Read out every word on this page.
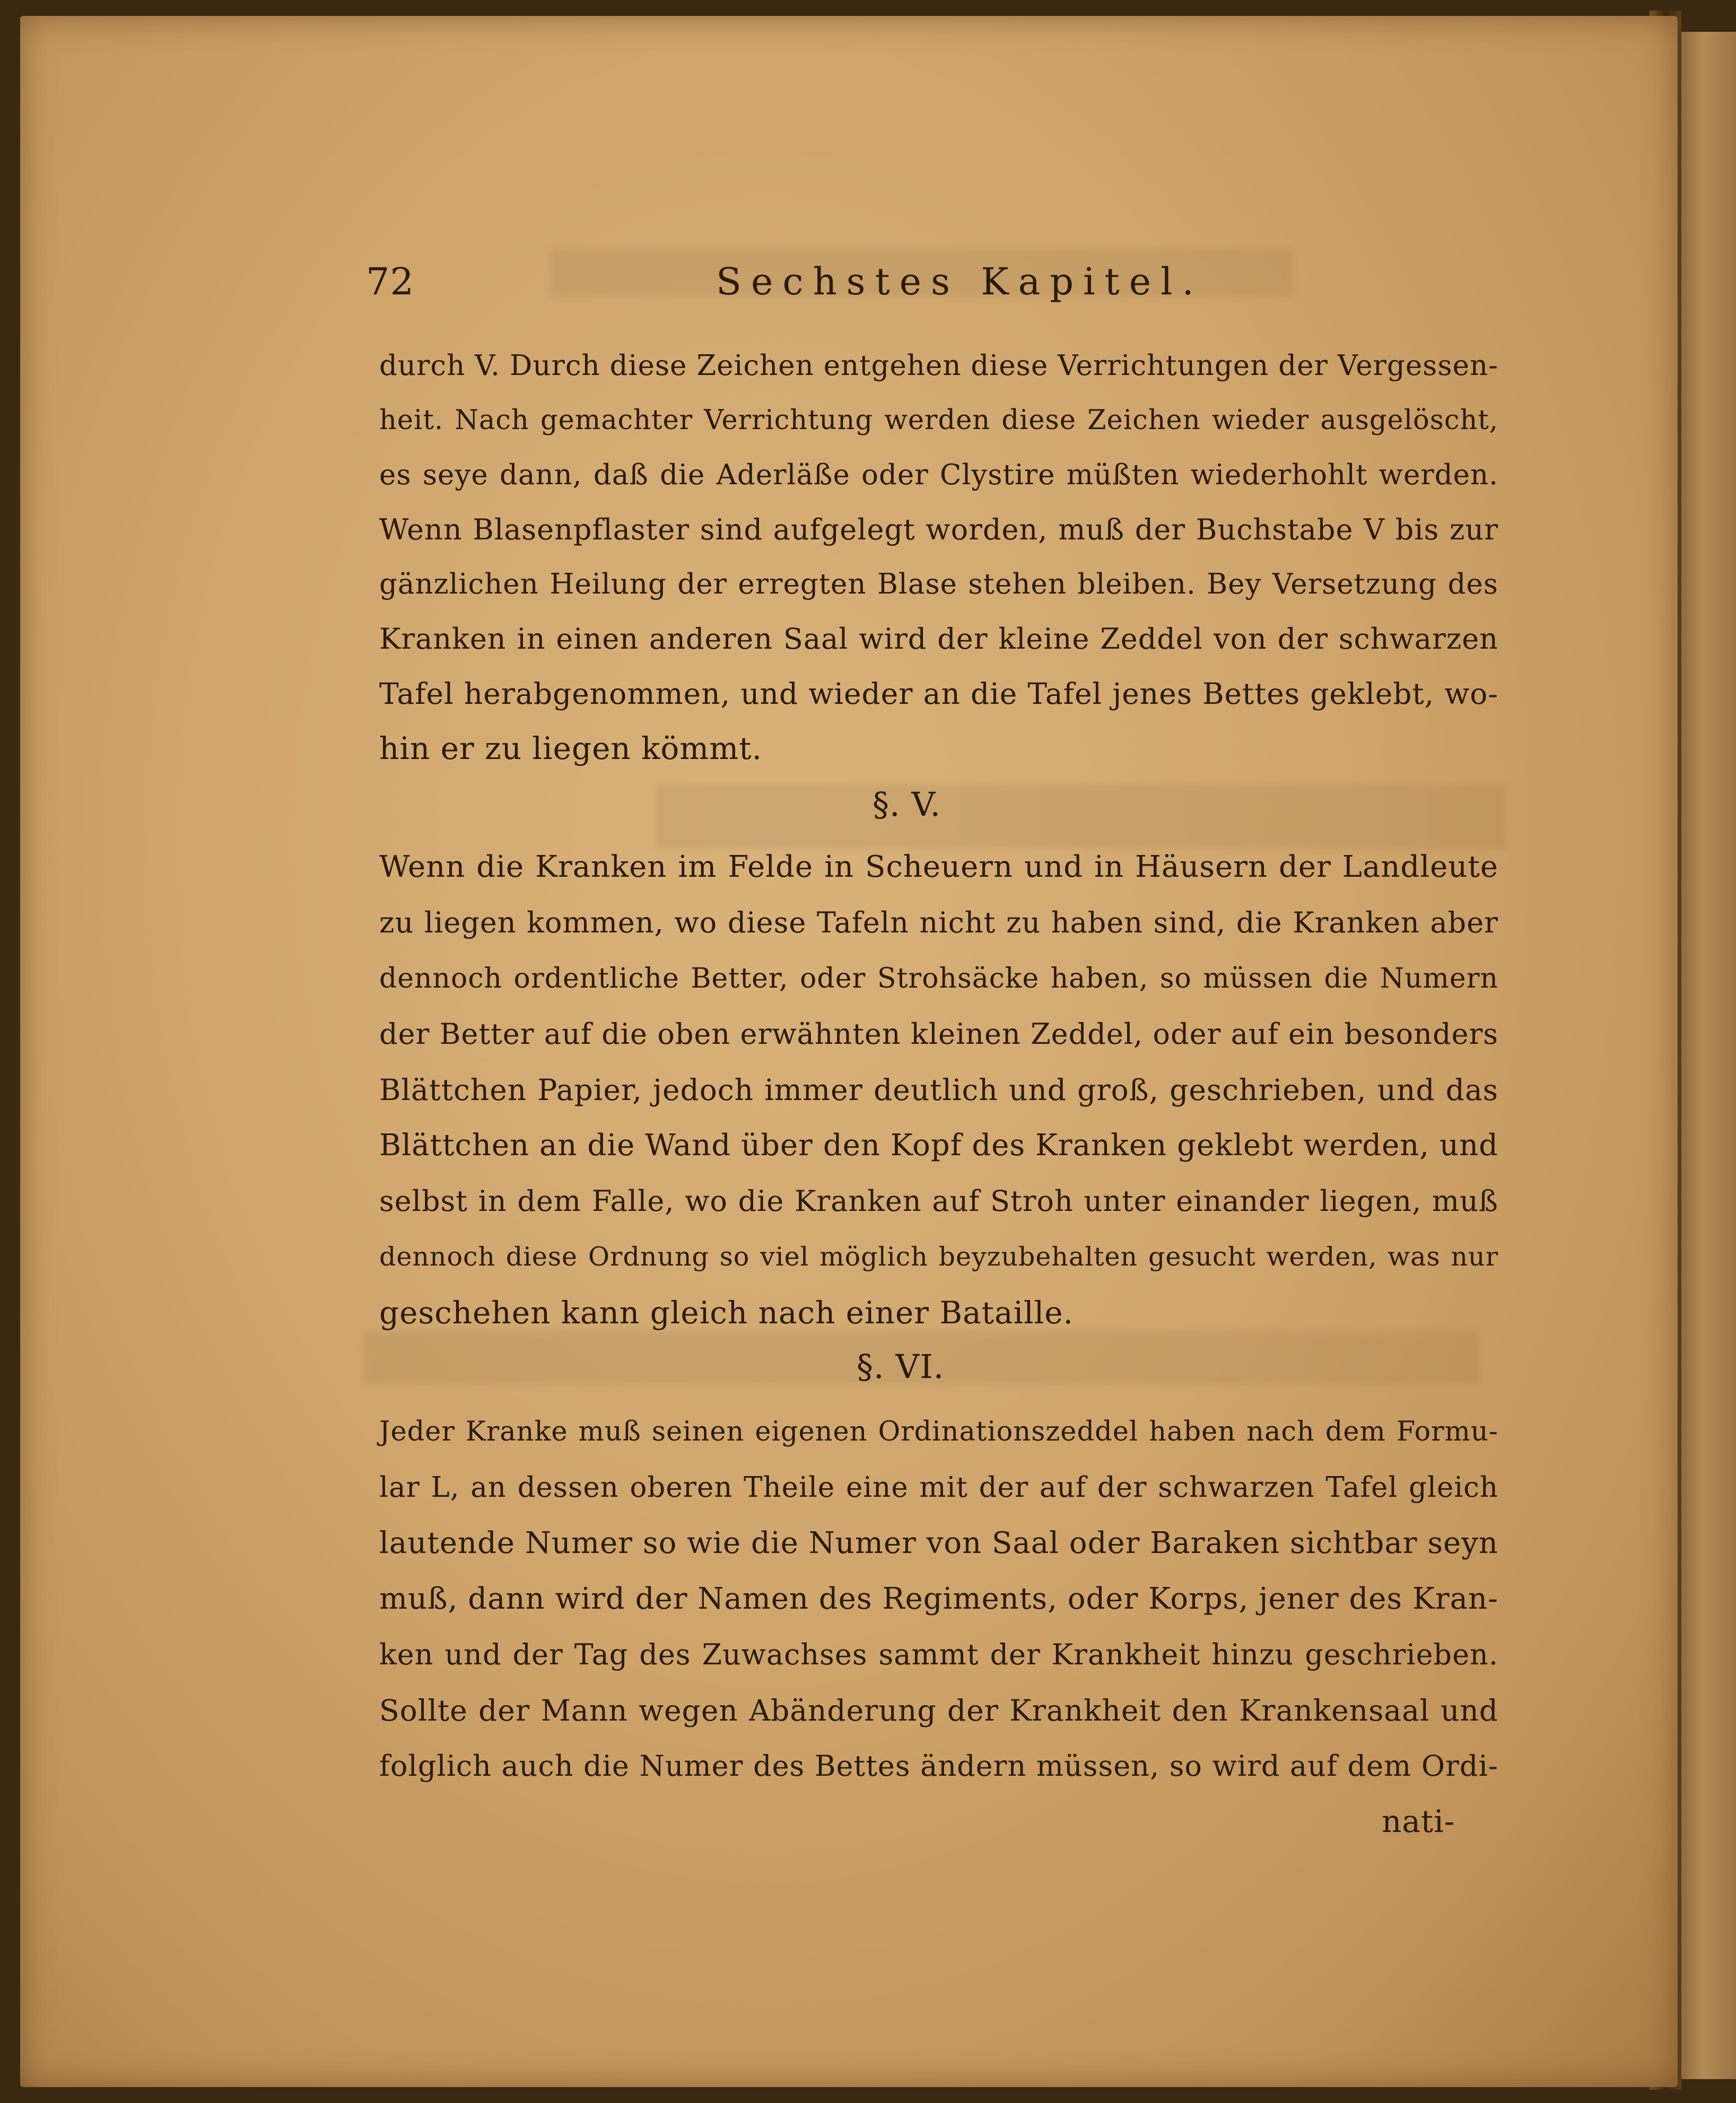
72	Sechstes Kapitel.
durch V. Durch diese Zeichen entgehen diese Verrichtungen der Vergessen-
heit. Nach gemachter Verrichtung werden diese Zeichen wieder ausgelöscht,
es seye dann, daß die Aderläße oder Clystire müßten wiederhohlt werden.
Wenn Blasenpflaster sind aufgelegt worden, muß der Buchstabe V bis zur
gänzlichen Heilung der erregten Blase stehen bleiben. Bey Versetzung des
Kranken in einen anderen Saal wird der kleine Zeddel von der schwarzen
Tafel herabgenommen, und wieder an die Tafel jenes Bettes geklebt, wo-
hin er zu liegen kömmt.
§. V.
Wenn die Kranken im Felde in Scheuern und in Häusern der Landleute
zu liegen kommen, wo diese Tafeln nicht zu haben sind, die Kranken aber
dennoch ordentliche Better, oder Strohsäcke haben, so müssen die Numern
der Better auf die oben erwähnten kleinen Zeddel, oder auf ein besonders
Blättchen Papier, jedoch immer deutlich und groß, geschrieben, und das
Blättchen an die Wand über den Kopf des Kranken geklebt werden, und
selbst in dem Falle, wo die Kranken auf Stroh unter einander liegen, muß
dennoch diese Ordnung so viel möglich beyzubehalten gesucht werden, was nur
geschehen kann gleich nach einer Bataille.
§. VI.
Jeder Kranke muß seinen eigenen Ordinationszeddel haben nach dem Formu-
lar L, an dessen oberen Theile eine mit der auf der schwarzen Tafel gleich
lautende Numer so wie die Numer von Saal oder Baraken sichtbar seyn
muß, dann wird der Namen des Regiments, oder Korps, jener des Kran-
ken und der Tag des Zuwachses sammt der Krankheit hinzu geschrieben.
Sollte der Mann wegen Abänderung der Krankheit den Krankensaal und
folglich auch die Numer des Bettes ändern müssen, so wird auf dem Ordi-
nati-
